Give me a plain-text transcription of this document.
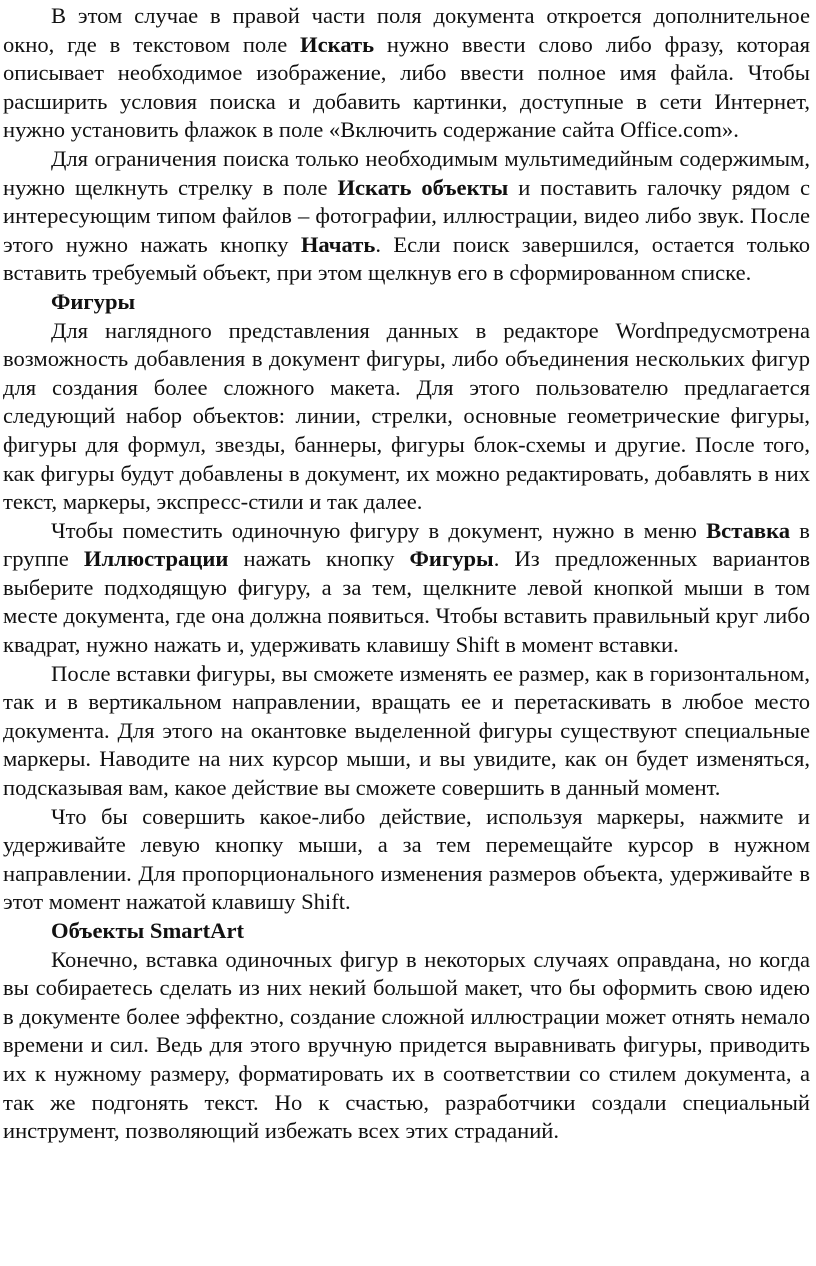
В этом случае в правой части поля документа откроется дополнительное окно, где в текстовом поле Искать нужно ввести слово либо фразу, которая описывает необходимое изображение, либо ввести полное имя файла. Чтобы расширить условия поиска и добавить картинки, доступные в сети Интернет, нужно установить флажок в поле «Включить содержание сайта Office.com».

Для ограничения поиска только необходимым мультимедийным содержимым, нужно щелкнуть стрелку в поле Искать объекты и поставить галочку рядом с интересующим типом файлов – фотографии, иллюстрации, видео либо звук. После этого нужно нажать кнопку Начать. Если поиск завершился, остается только вставить требуемый объект, при этом щелкнув его в сформированном списке.

Фигуры

Для наглядного представления данных в редакторе Wordпредусмотрена возможность добавления в документ фигуры, либо объединения нескольких фигур для создания более сложного макета. Для этого пользователю предлагается следующий набор объектов: линии, стрелки, основные геометрические фигуры, фигуры для формул, звезды, баннеры, фигуры блок-схемы и другие. После того, как фигуры будут добавлены в документ, их можно редактировать, добавлять в них текст, маркеры, экспресс-стили и так далее.

Чтобы поместить одиночную фигуру в документ, нужно в меню Вставка в группе Иллюстрации нажать кнопку Фигуры. Из предложенных вариантов выберите подходящую фигуру, а за тем, щелкните левой кнопкой мыши в том месте документа, где она должна появиться. Чтобы вставить правильный круг либо квадрат, нужно нажать и, удерживать клавишу Shift в момент вставки.

После вставки фигуры, вы сможете изменять ее размер, как в горизонтальном, так и в вертикальном направлении, вращать ее и перетаскивать в любое место документа. Для этого на окантовке выделенной фигуры существуют специальные маркеры. Наводите на них курсор мыши, и вы увидите, как он будет изменяться, подсказывая вам, какое действие вы сможете совершить в данный момент.

Что бы совершить какое-либо действие, используя маркеры, нажмите и удерживайте левую кнопку мыши, а за тем перемещайте курсор в нужном направлении. Для пропорционального изменения размеров объекта, удерживайте в этот момент нажатой клавишу Shift.

Объекты SmartArt

Конечно, вставка одиночных фигур в некоторых случаях оправдана, но когда вы собираетесь сделать из них некий большой макет, что бы оформить свою идею в документе более эффектно, создание сложной иллюстрации может отнять немало времени и сил. Ведь для этого вручную придется выравнивать фигуры, приводить их к нужному размеру, форматировать их в соответствии со стилем документа, а так же подгонять текст. Но к счастью, разработчики создали специальный инструмент, позволяющий избежать всех этих страданий.
